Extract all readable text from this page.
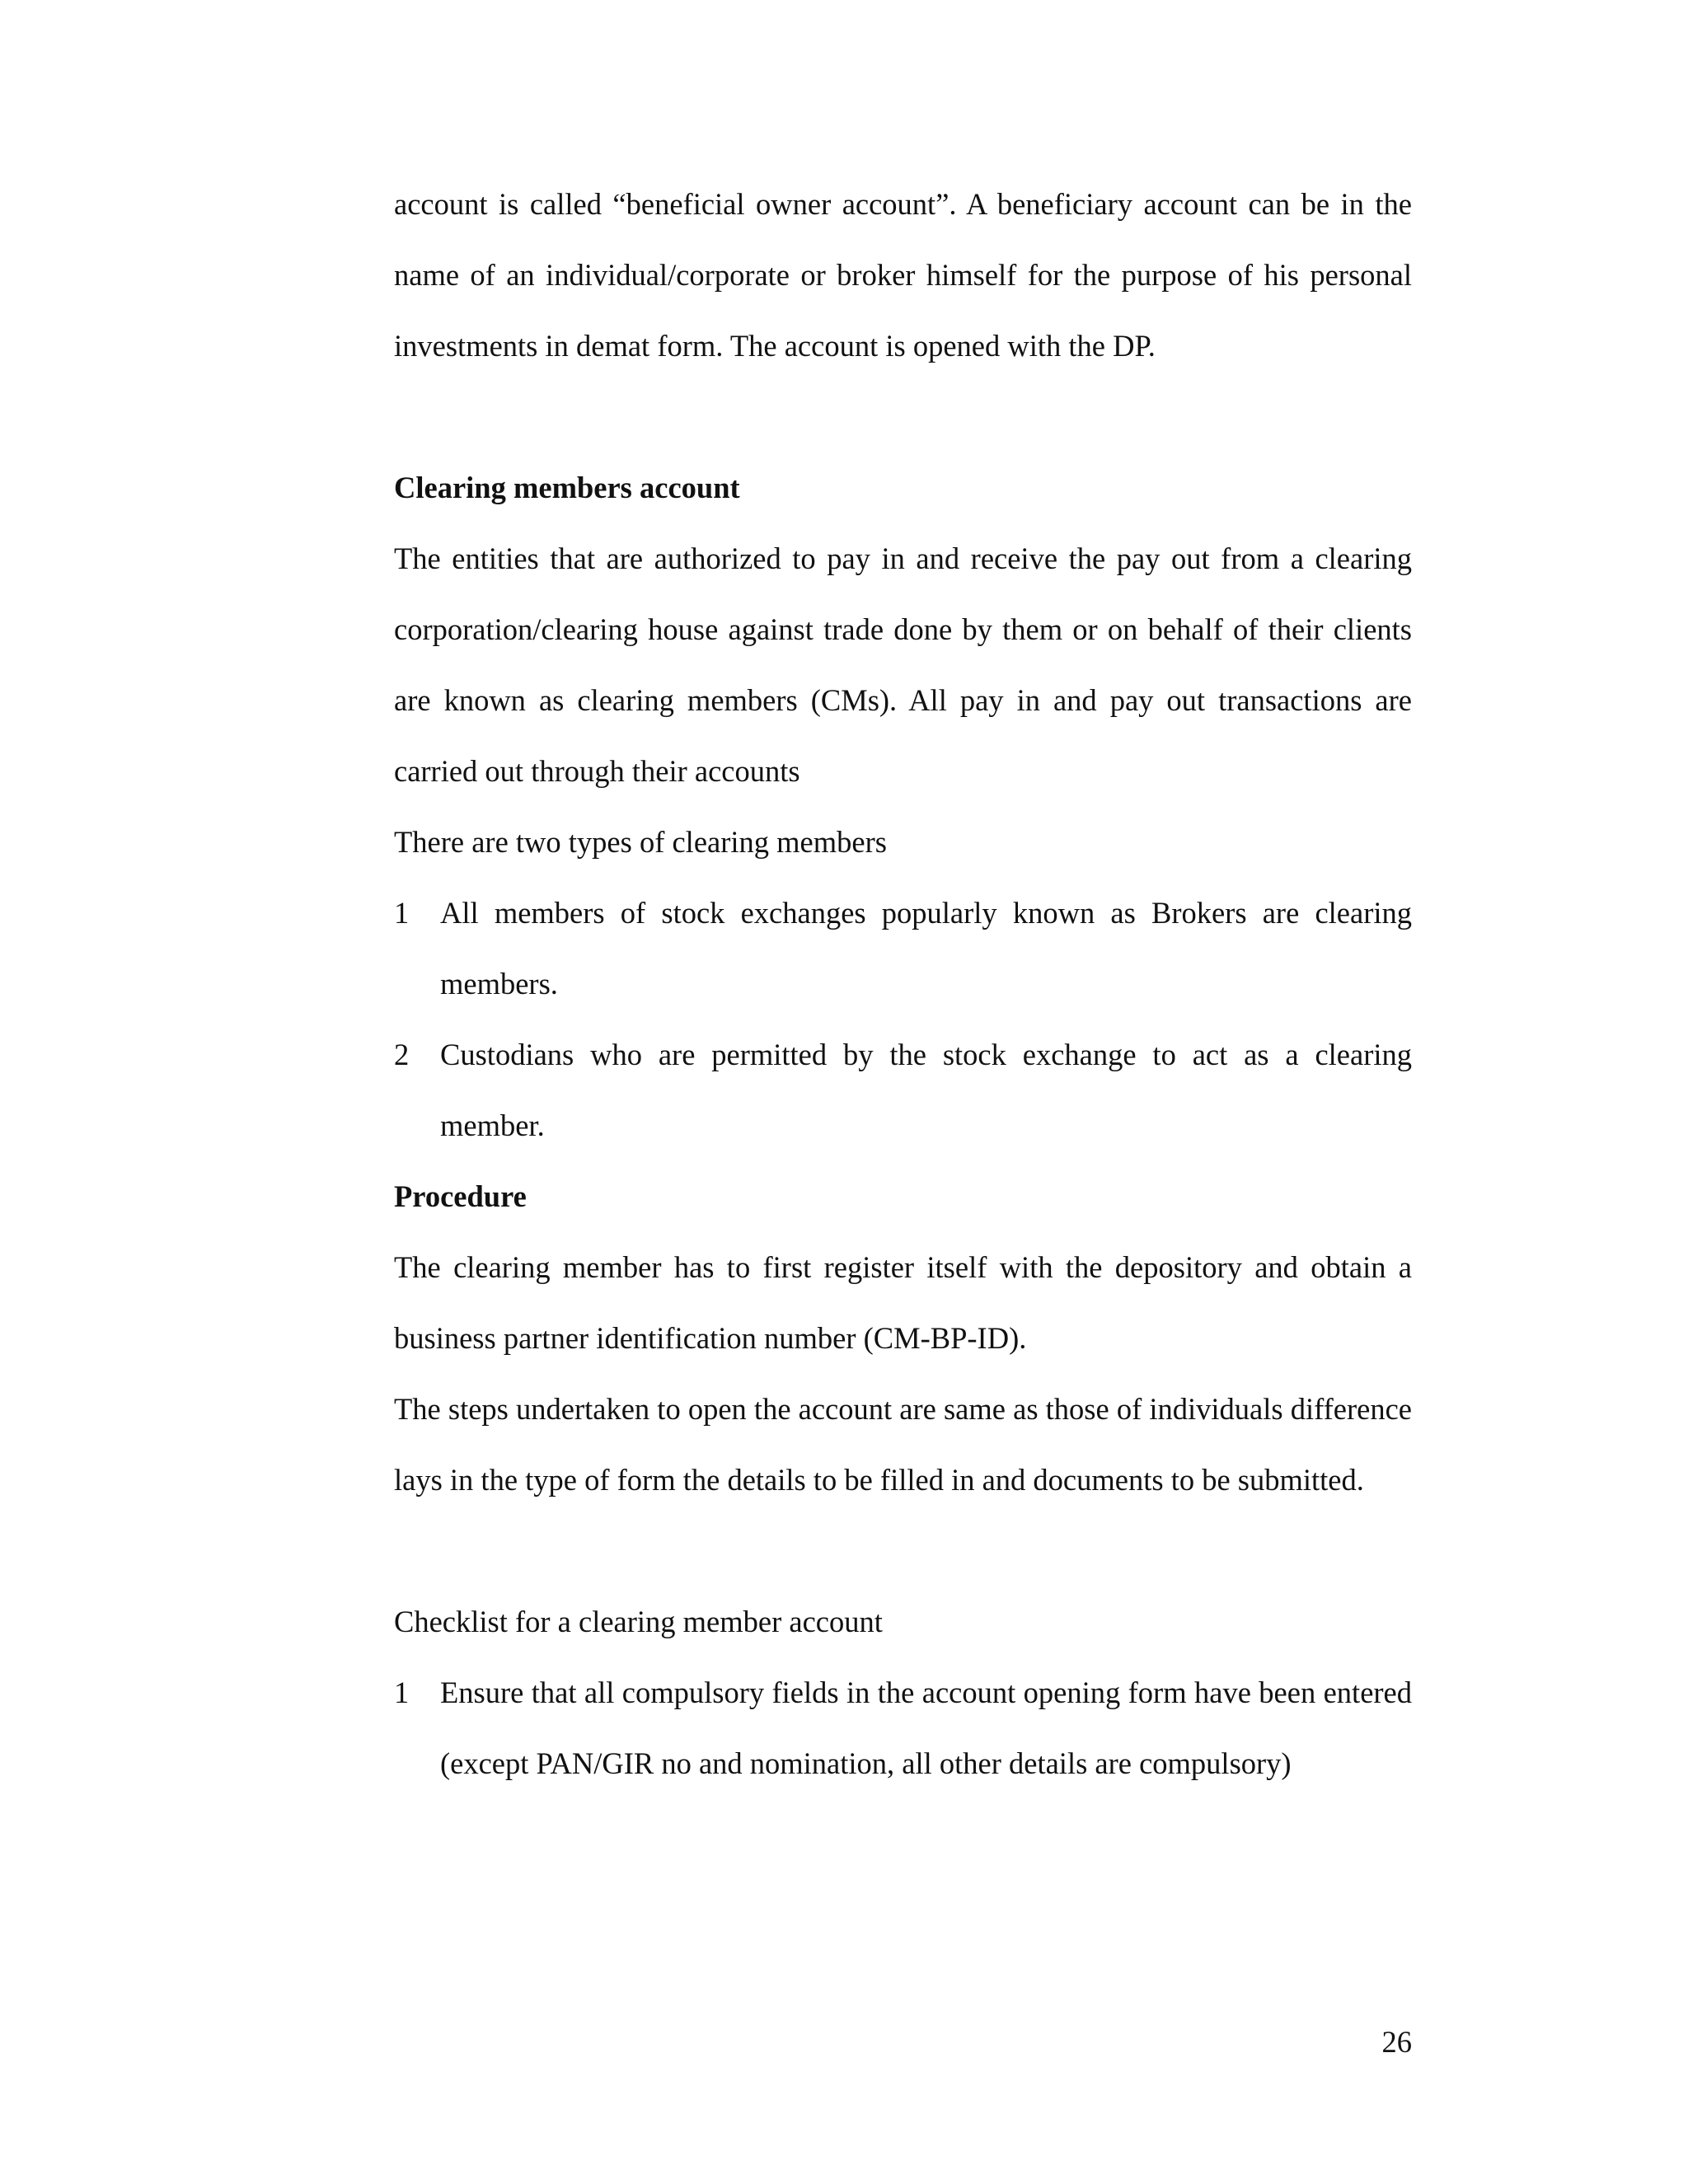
account is called “beneficial owner account”. A beneficiary account can be in the name of an individual/corporate or broker himself for the purpose of his personal investments in demat form. The account is opened with the DP.

Clearing members account

The entities that are authorized to pay in and receive the pay out from a clearing corporation/clearing house against trade done by them or on behalf of their clients are known as clearing members (CMs). All pay in and pay out transactions are carried out through their accounts

There are two types of clearing members

1	All members of stock exchanges popularly known as Brokers are clearing members.
2	Custodians who are permitted by the stock exchange to act as a clearing member.

Procedure

The clearing member has to first register itself with the depository and obtain a business partner identification number (CM-BP-ID).

The steps undertaken to open the account are same as those of individuals difference lays in the type of form the details to be filled in and documents to be submitted.

Checklist for a clearing member account

1	Ensure that all compulsory fields in the account opening form have been entered (except PAN/GIR no and nomination, all other details are compulsory)
26
